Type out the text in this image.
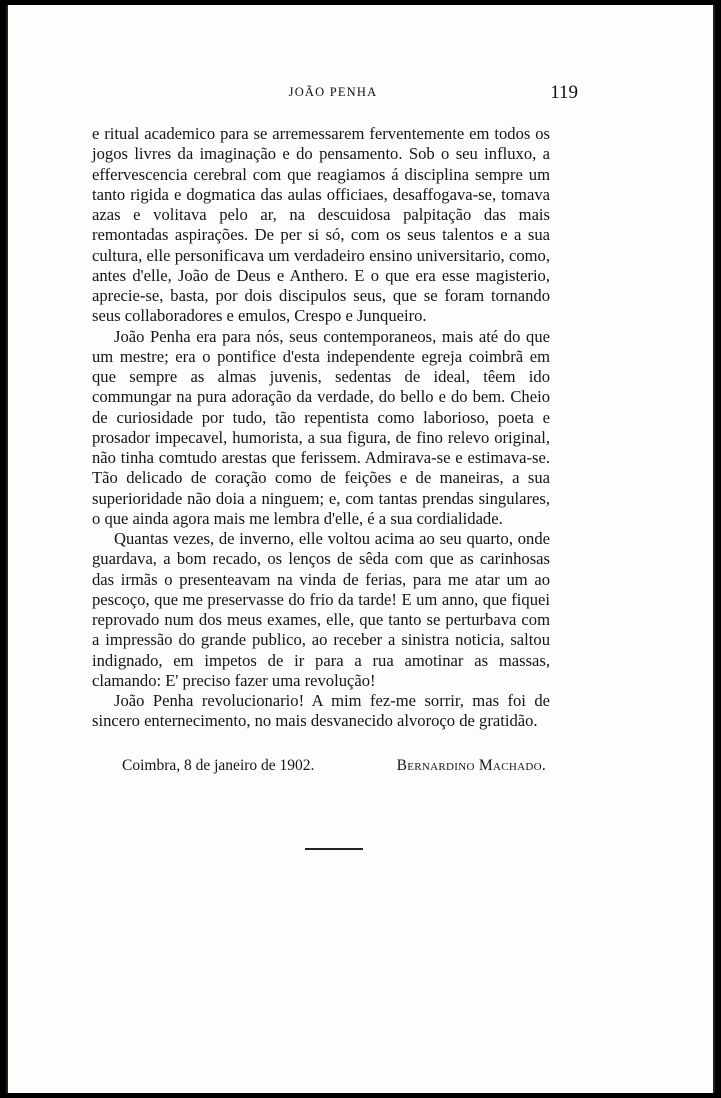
JOÃO PENHA	119

e ritual academico para se arremessarem ferventemente em todos os jogos livres da imaginação e do pensamento. Sob o seu influxo, a effervescencia cerebral com que reagiamos á disciplina sempre um tanto rigida e dogmatica das aulas officiaes, desaffogava-se, tomava azas e volitava pelo ar, na descuidosa palpitação das mais remontadas aspirações. De per si só, com os seus talentos e a sua cultura, elle personificava um verdadeiro ensino universitario, como, antes d'elle, João de Deus e Anthero. E o que era esse magisterio, aprecie-se, basta, por dois discipulos seus, que se foram tornando seus collaboradores e emulos, Crespo e Junqueiro.

João Penha era para nós, seus contemporaneos, mais até do que um mestre; era o pontifice d'esta independente egreja coimbrã em que sempre as almas juvenis, sedentas de ideal, têem ido commungar na pura adoração da verdade, do bello e do bem. Cheio de curiosidade por tudo, tão repentista como laborioso, poeta e prosador impecavel, humorista, a sua figura, de fino relevo original, não tinha comtudo arestas que ferissem. Admirava-se e estimava-se. Tão delicado de coração como de feições e de maneiras, a sua superioridade não doia a ninguem; e, com tantas prendas singulares, o que ainda agora mais me lembra d'elle, é a sua cordialidade.

Quantas vezes, de inverno, elle voltou acima ao seu quarto, onde guardava, a bom recado, os lenços de sêda com que as carinhosas das irmãs o presenteavam na vinda de ferias, para me atar um ao pescoço, que me preservasse do frio da tarde! E um anno, que fiquei reprovado num dos meus exames, elle, que tanto se perturbava com a impressão do grande publico, ao receber a sinistra noticia, saltou indignado, em impetos de ir para a rua amotinar as massas, clamando: E' preciso fazer uma revolução!

João Penha revolucionario! A mim fez-me sorrir, mas foi de sincero enternecimento, no mais desvanecido alvoroço de gratidão.

Coimbra, 8 de janeiro de 1902.	Bernardino Machado.
